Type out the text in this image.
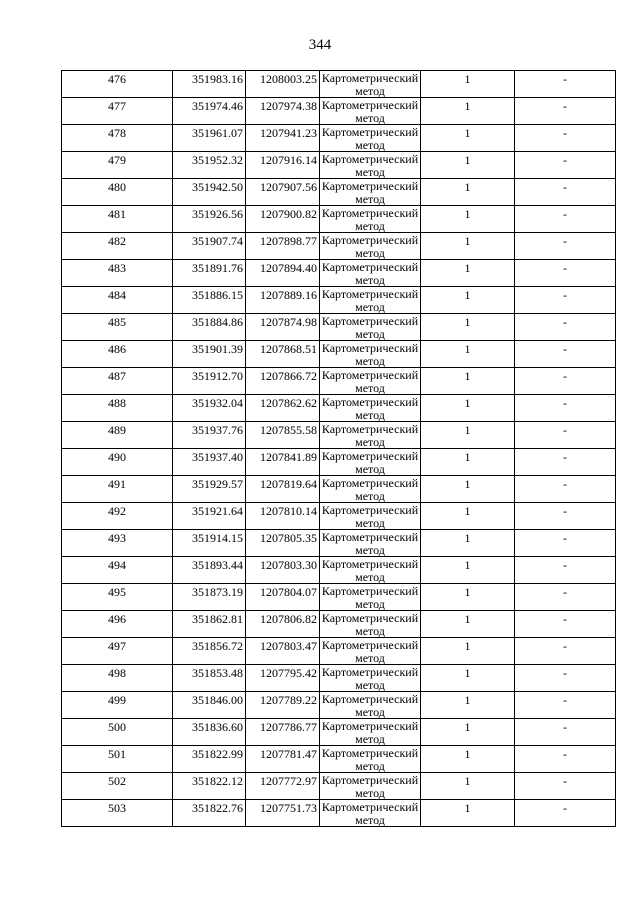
344
476	351983.16	1208003.25	Картометрический метод	1	-

477	351974.46	1207974.38	Картометрический метод	1	-

478	351961.07	1207941.23	Картометрический метод	1	-

479	351952.32	1207916.14	Картометрический метод	1	-

480	351942.50	1207907.56	Картометрический метод	1	-

481	351926.56	1207900.82	Картометрический метод	1	-

482	351907.74	1207898.77	Картометрический метод	1	-

483	351891.76	1207894.40	Картометрический метод	1	-

484	351886.15	1207889.16	Картометрический метод	1	-

485	351884.86	1207874.98	Картометрический метод	1	-

486	351901.39	1207868.51	Картометрический метод	1	-

487	351912.70	1207866.72	Картометрический метод	1	-

488	351932.04	1207862.62	Картометрический метод	1	-

489	351937.76	1207855.58	Картометрический метод	1	-

490	351937.40	1207841.89	Картометрический метод	1	-

491	351929.57	1207819.64	Картометрический метод	1	-

492	351921.64	1207810.14	Картометрический метод	1	-

493	351914.15	1207805.35	Картометрический метод	1	-

494	351893.44	1207803.30	Картометрический метод	1	-

495	351873.19	1207804.07	Картометрический метод	1	-

496	351862.81	1207806.82	Картометрический метод	1	-

497	351856.72	1207803.47	Картометрический метод	1	-

498	351853.48	1207795.42	Картометрический метод	1	-

499	351846.00	1207789.22	Картометрический метод	1	-

500	351836.60	1207786.77	Картометрический метод	1	-

501	351822.99	1207781.47	Картометрический метод	1	-

502	351822.12	1207772.97	Картометрический метод	1	-

503	351822.76	1207751.73	Картометрический метод	1	-
